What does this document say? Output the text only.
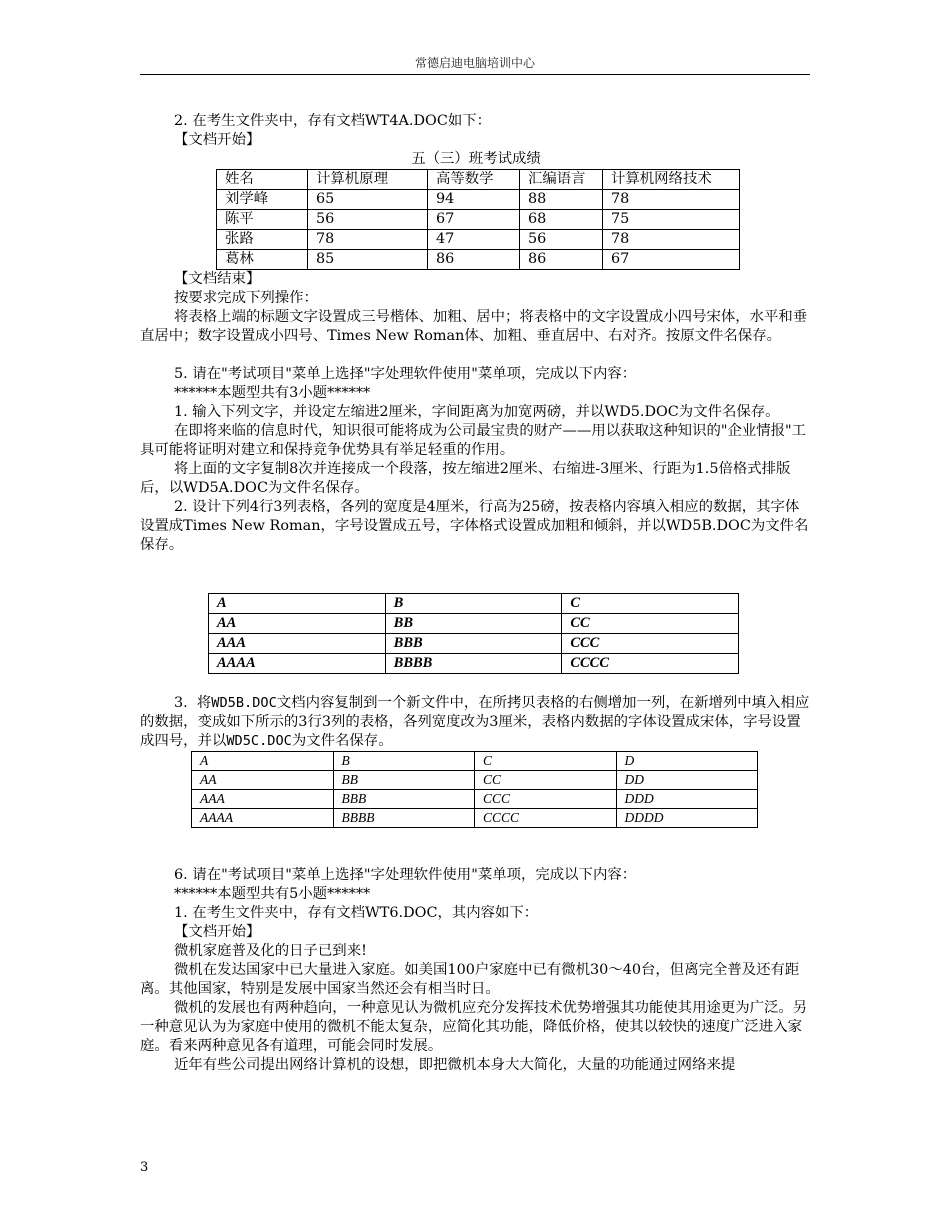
常德启迪电脑培训中心

2. 在考生文件夹中，存有文档WT4A.DOC如下：

【文档开始】

五（三）班考试成绩

姓名	计算机原理	高等数学	汇编语言	计算机网络技术
刘学峰	65	94	88	78
陈平	56	67	68	75
张路	78	47	56	78
葛林	85	86	86	67

【文档结束】

按要求完成下列操作：

将表格上端的标题文字设置成三号楷体、加粗、居中；将表格中的文字设置成小四号宋体，水平和垂直居中；数字设置成小四号、Times New Roman体、加粗、垂直居中、右对齐。按原文件名保存。

5. 请在"考试项目"菜单上选择"字处理软件使用"菜单项，完成以下内容：

******本题型共有3小题******

1. 输入下列文字，并设定左缩进2厘米，字间距离为加宽两磅，并以WD5.DOC为文件名保存。

在即将来临的信息时代，知识很可能将成为公司最宝贵的财产——用以获取这种知识的"企业情报"工具可能将证明对建立和保持竞争优势具有举足轻重的作用。

将上面的文字复制8次并连接成一个段落，按左缩进2厘米、右缩进-3厘米、行距为1.5倍格式排版后，以WD5A.DOC为文件名保存。

2. 设计下列4行3列表格，各列的宽度是4厘米，行高为25磅，按表格内容填入相应的数据，其字体设置成Times New Roman，字号设置成五号，字体格式设置成加粗和倾斜，并以WD5B.DOC为文件名保存。

A	B	C
AA	BB	CC
AAA	BBB	CCC
AAAA	BBBB	CCCC

3. 将WD5B.DOC文档内容复制到一个新文件中，在所拷贝表格的右侧增加一列，在新增列中填入相应的数据，变成如下所示的3行3列的表格，各列宽度改为3厘米，表格内数据的字体设置成宋体，字号设置成四号，并以WD5C.DOC为文件名保存。

A	B	C	D
AA	BB	CC	DD
AAA	BBB	CCC	DDD
AAAA	BBBB	CCCC	DDDD

6. 请在"考试项目"菜单上选择"字处理软件使用"菜单项，完成以下内容：

******本题型共有5小题******

1. 在考生文件夹中，存有文档WT6.DOC，其内容如下：

【文档开始】

微机家庭普及化的日子已到来!

微机在发达国家中已大量进入家庭。如美国100户家庭中已有微机30～40台，但离完全普及还有距离。其他国家，特别是发展中国家当然还会有相当时日。

微机的发展也有两种趋向，一种意见认为微机应充分发挥技术优势增强其功能使其用途更为广泛。另一种意见认为为家庭中使用的微机不能太复杂，应简化其功能，降低价格，使其以较快的速度广泛进入家庭。看来两种意见各有道理，可能会同时发展。

近年有些公司提出网络计算机的设想，即把微机本身大大简化，大量的功能通过网络来提

3
